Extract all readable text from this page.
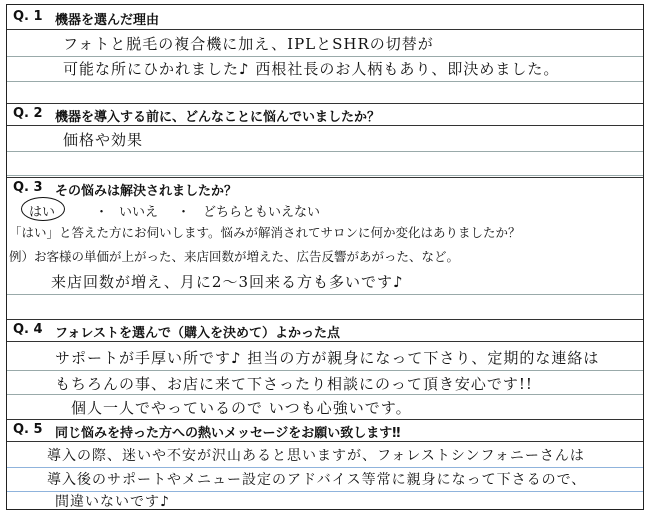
Q. 1 機器を選んだ理由
フォトと脱毛の複合機に加え、IPLとSHRの切替が
可能な所にひかれました♪ 西根社長のお人柄もあり、即決めました。
Q. 2 機器を導入する前に、どんなことに悩んでいましたか？
価格や効果
Q. 3 その悩みは解決されましたか？
はい	・ いいえ ・ どちらともいえない
「はい」と答えた方にお伺いします。悩みが解消されてサロンに何か変化はありましたか？
例）お客様の単価が上がった、来店回数が増えた、広告反響があがった、など。
来店回数が増え、月に2〜3回来る方も多いです♪
Q. 4 フォレストを選んで（購入を決めて）よかった点
サポートが手厚い所です♪ 担当の方が親身になって下さり、定期的な連絡は
もちろんの事、お店に来て下さったり相談にのって頂き安心です!!
個人一人でやっているので いつも心強いです。
Q. 5 同じ悩みを持った方への熱いメッセージをお願い致します‼
導入の際、迷いや不安が沢山あると思いますが、フォレストシンフォニーさんは
導入後のサポートやメニュー設定のアドバイス等常に親身になって下さるので、
間違いないです♪
